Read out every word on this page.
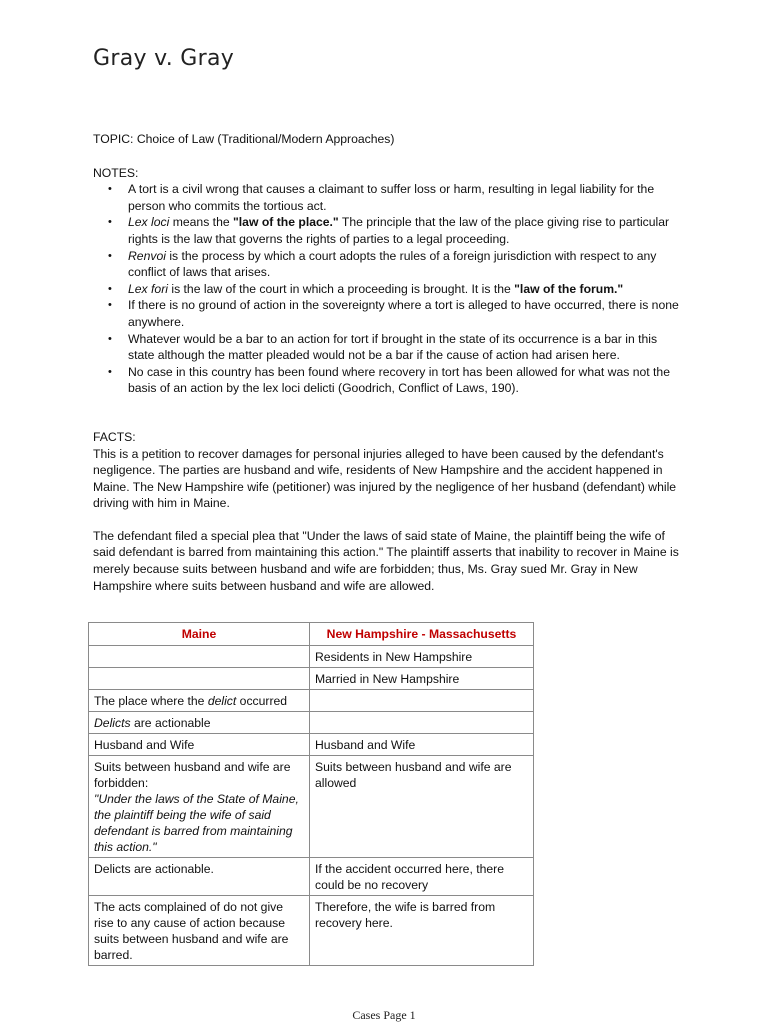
Gray v. Gray

TOPIC: Choice of Law (Traditional/Modern Approaches)

NOTES:

• A tort is a civil wrong that causes a claimant to suffer loss or harm, resulting in legal liability for the person who commits the tortious act.
• Lex loci means the "law of the place." The principle that the law of the place giving rise to particular rights is the law that governs the rights of parties to a legal proceeding.
• Renvoi is the process by which a court adopts the rules of a foreign jurisdiction with respect to any conflict of laws that arises.
• Lex fori is the law of the court in which a proceeding is brought. It is the "law of the forum."
• If there is no ground of action in the sovereignty where a tort is alleged to have occurred, there is none anywhere.
• Whatever would be a bar to an action for tort if brought in the state of its occurrence is a bar in this state although the matter pleaded would not be a bar if the cause of action had arisen here.
• No case in this country has been found where recovery in tort has been allowed for what was not the basis of an action by the lex loci delicti (Goodrich, Conflict of Laws, 190).

FACTS:

This is a petition to recover damages for personal injuries alleged to have been caused by the defendant's negligence. The parties are husband and wife, residents of New Hampshire and the accident happened in Maine. The New Hampshire wife (petitioner) was injured by the negligence of her husband (defendant) while driving with him in Maine.

The defendant filed a special plea that "Under the laws of said state of Maine, the plaintiff being the wife of said defendant is barred from maintaining this action." The plaintiff asserts that inability to recover in Maine is merely because suits between husband and wife are forbidden; thus, Ms. Gray sued Mr. Gray in New Hampshire where suits between husband and wife are allowed.

Maine	New Hampshire - Massachusetts
	Residents in New Hampshire
	Married in New Hampshire
The place where the delict occurred	
Delicts are actionable	
Husband and Wife	Husband and Wife
Suits between husband and wife are forbidden:
"Under the laws of the State of Maine, the plaintiff being the wife of said defendant is barred from maintaining this action."	Suits between husband and wife are allowed
Delicts are actionable.	If the accident occurred here, there could be no recovery
The acts complained of do not give rise to any cause of action because suits between husband and wife are barred.	Therefore, the wife is barred from recovery here.
Cases Page 1
